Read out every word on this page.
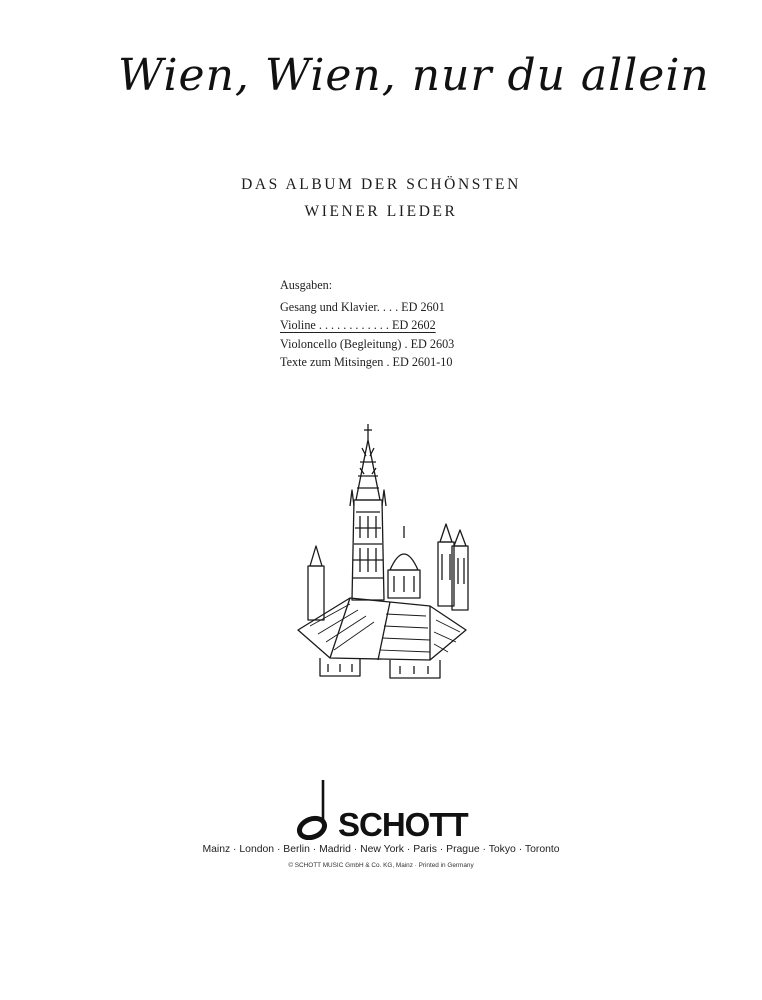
Wien, Wien, nur du allein
DAS ALBUM DER SCHÖNSTEN
WIENER LIEDER
Ausgaben:
Gesang und Klavier. . . . ED 2601
Violine . . . . . . . . . . . . ED 2602
Violoncello (Begleitung) . ED 2603
Texte zum Mitsingen . ED 2601-10
SCHOTT
Mainz · London · Berlin · Madrid · New York · Paris · Prague · Tokyo · Toronto
© SCHOTT MUSIC GmbH & Co. KG, Mainz · Printed in Germany
